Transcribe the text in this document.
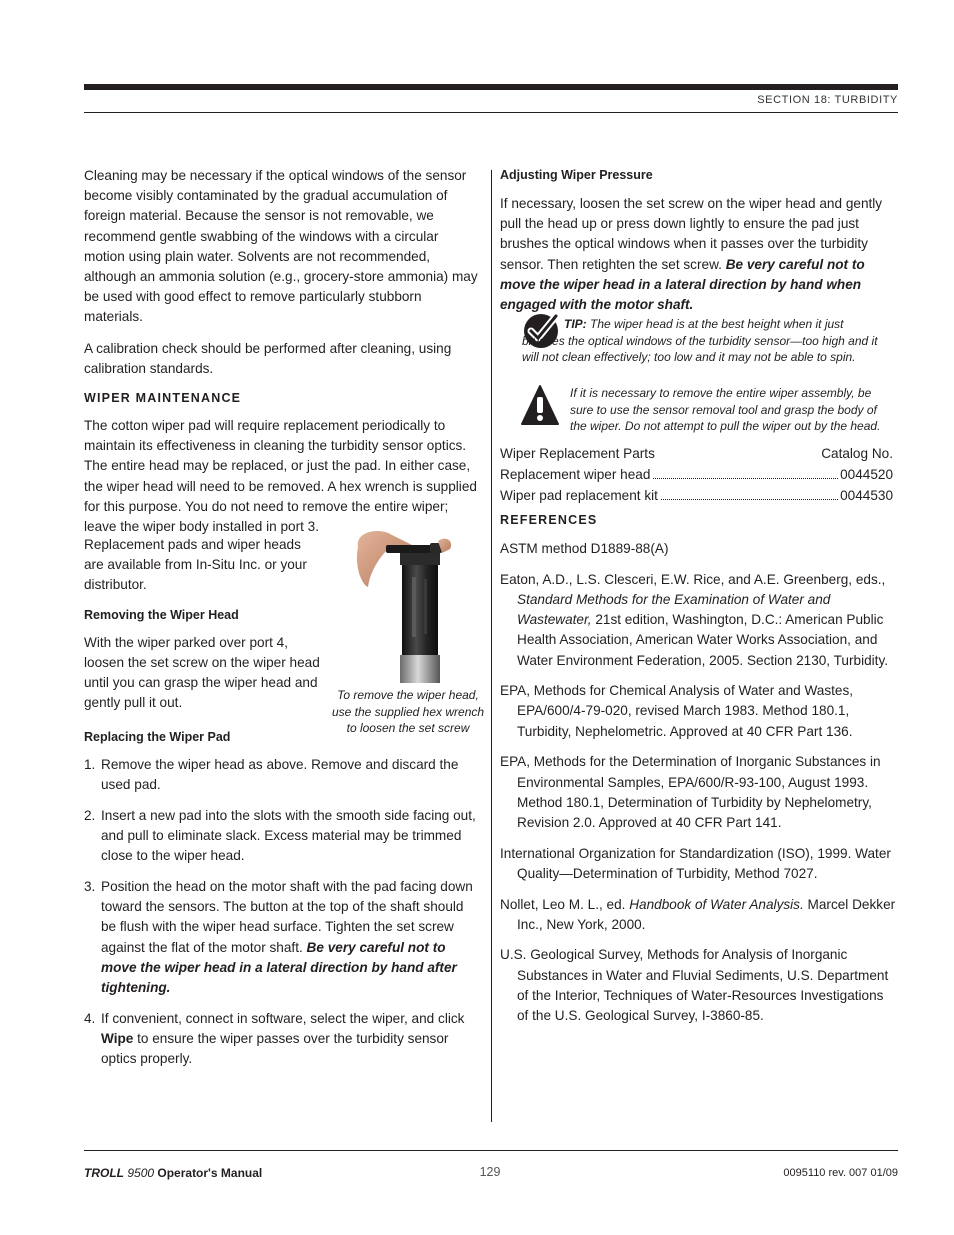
SECTION 18: TURBIDITY

Cleaning may be necessary if the optical windows of the sensor become visibly contaminated by the gradual accumulation of foreign material. Because the sensor is not removable, we recommend gentle swabbing of the windows with a circular motion using plain water. Solvents are not recommended, although an ammonia solution (e.g., grocery-store ammonia) may be used with good effect to remove particularly stubborn materials.

A calibration check should be performed after cleaning, using calibration standards.

WIPER MAINTENANCE

The cotton wiper pad will require replacement periodically to maintain its effectiveness in cleaning the turbidity sensor optics. The entire head may be replaced, or just the pad. In either case, the wiper head will need to be removed. A hex wrench is supplied for this purpose. You do not need to remove the entire wiper; leave the wiper body installed in port 3.

Replacement pads and wiper heads are available from In-Situ Inc. or your distributor.

Removing the Wiper Head

With the wiper parked over port 4, loosen the set screw on the wiper head until you can grasp the wiper head and gently pull it out.

To remove the wiper head, use the supplied hex wrench to loosen the set screw
Replacing the Wiper Pad
1. Remove the wiper head as above. Remove and discard the used pad.
2. Insert a new pad into the slots with the smooth side facing out, and pull to eliminate slack. Excess material may be trimmed close to the wiper head.
3. Position the head on the motor shaft with the pad facing down toward the sensors. The button at the top of the shaft should be flush with the wiper head surface. Tighten the set screw against the flat of the motor shaft. Be very careful not to move the wiper head in a lateral direction by hand after tightening.
4. If convenient, connect in software, select the wiper, and click Wipe to ensure the wiper passes over the turbidity sensor optics properly.
Adjusting Wiper Pressure

If necessary, loosen the set screw on the wiper head and gently pull the head up or press down lightly to ensure the pad just brushes the optical windows when it passes over the turbidity sensor. Then retighten the set screw. Be very careful not to move the wiper head in a lateral direction by hand when engaged with the motor shaft.

TIP: The wiper head is at the best height when it just brushes the optical windows of the turbidity sensor—too high and it will not clean effectively; too low and it may not be able to spin.
If it is necessary to remove the entire wiper assembly, be sure to use the sensor removal tool and grasp the body of the wiper. Do not attempt to pull the wiper out by the head.
Wiper Replacement Parts	Catalog No.
Replacement wiper head	0044520
Wiper pad replacement kit	0044530
REFERENCES

ASTM method D1889-88(A)

Eaton, A.D., L.S. Clesceri, E.W. Rice, and A.E. Greenberg, eds., Standard Methods for the Examination of Water and Wastewater, 21st edition, Washington, D.C.: American Public Health Association, American Water Works Association, and Water Environment Federation, 2005. Section 2130, Turbidity.

EPA, Methods for Chemical Analysis of Water and Wastes, EPA/600/4-79-020, revised March 1983. Method 180.1, Turbidity, Nephelometric. Approved at 40 CFR Part 136.

EPA, Methods for the Determination of Inorganic Substances in Environmental Samples, EPA/600/R-93-100, August 1993. Method 180.1, Determination of Turbidity by Nephelometry, Revision 2.0. Approved at 40 CFR Part 141.

International Organization for Standardization (ISO), 1999. Water Quality—Determination of Turbidity, Method 7027.

Nollet, Leo M. L., ed. Handbook of Water Analysis. Marcel Dekker Inc., New York, 2000.

U.S. Geological Survey, Methods for Analysis of Inorganic Substances in Water and Fluvial Sediments, U.S. Department of the Interior, Techniques of Water-Resources Investigations of the U.S. Geological Survey, I-3860-85.

TROLL 9500 Operator's Manual	129	0095110 rev. 007 01/09
